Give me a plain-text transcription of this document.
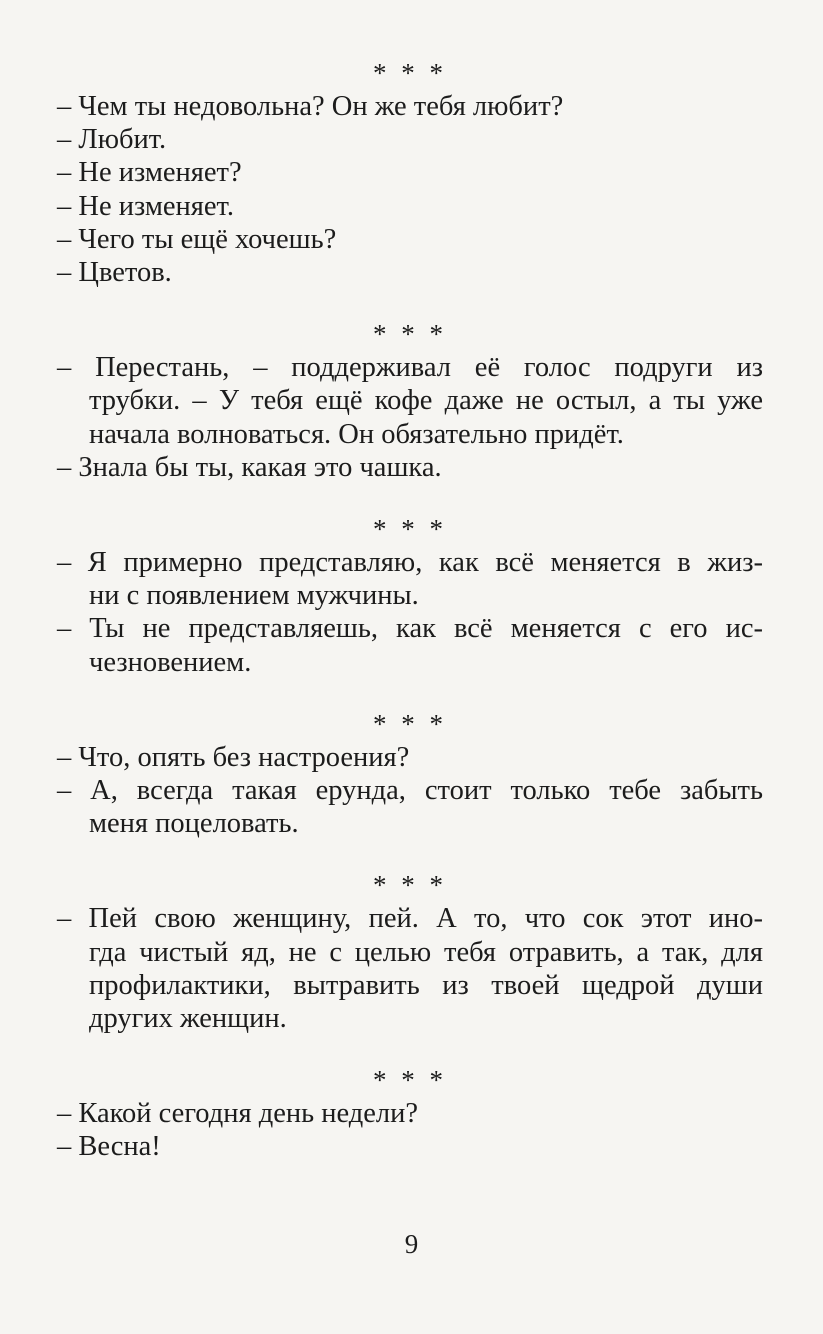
* * *
– Чем ты недовольна? Он же тебя любит?
– Любит.
– Не изменяет?
– Не изменяет.
– Чего ты ещё хочешь?
– Цветов.
* * *
– Перестань, – поддерживал её голос подруги из
трубки. – У тебя ещё кофе даже не остыл, а ты уже
начала волноваться. Он обязательно придёт.
– Знала бы ты, какая это чашка.
* * *
– Я примерно представляю, как всё меняется в жиз-
ни с появлением мужчины.
– Ты не представляешь, как всё меняется с его ис-
чезновением.
* * *
– Что, опять без настроения?
– А, всегда такая ерунда, стоит только тебе забыть
меня поцеловать.
* * *
– Пей свою женщину, пей. А то, что сок этот ино-
гда чистый яд, не с целью тебя отравить, а так, для
профилактики, вытравить из твоей щедрой души
других женщин.
* * *
– Какой сегодня день недели?
– Весна!
9
